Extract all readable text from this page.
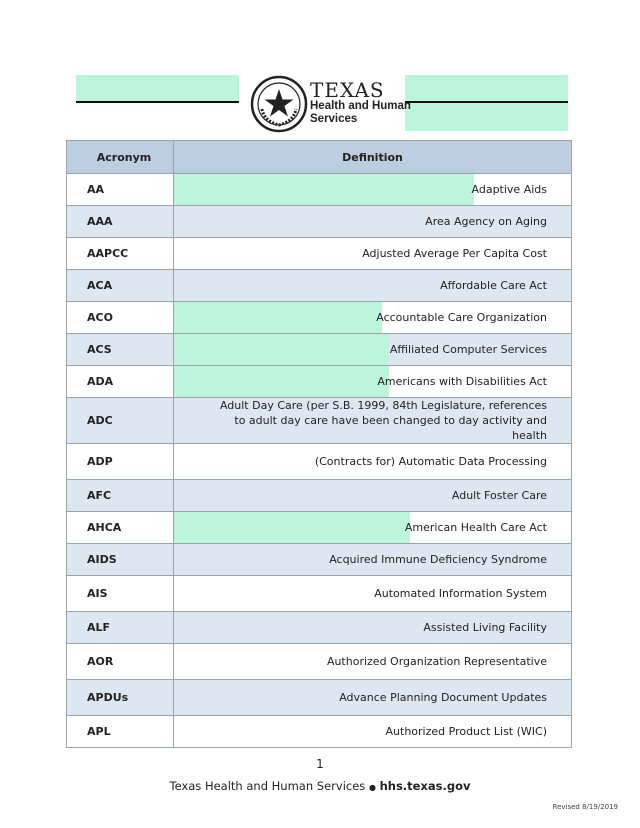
TEXAS
Health and Human
Services
Acronym	Definition
AA	Adaptive Aids
AAA	Area Agency on Aging
AAPCC	Adjusted Average Per Capita Cost
ACA	Affordable Care Act
ACO	Accountable Care Organization
ACS	Affiliated Computer Services
ADA	Americans with Disabilities Act
ADC	Adult Day Care (per S.B. 1999, 84th Legislature, references to adult day care have been changed to day activity and health
ADP	(Contracts for) Automatic Data Processing
AFC	Adult Foster Care
AHCA	American Health Care Act
AIDS	Acquired Immune Deficiency Syndrome
AIS	Automated Information System
ALF	Assisted Living Facility
AOR	Authorized Organization Representative
APDUs	Advance Planning Document Updates
APL	Authorized Product List (WIC)
1
Texas Health and Human Services ● hhs.texas.gov
Revised 8/19/2019
